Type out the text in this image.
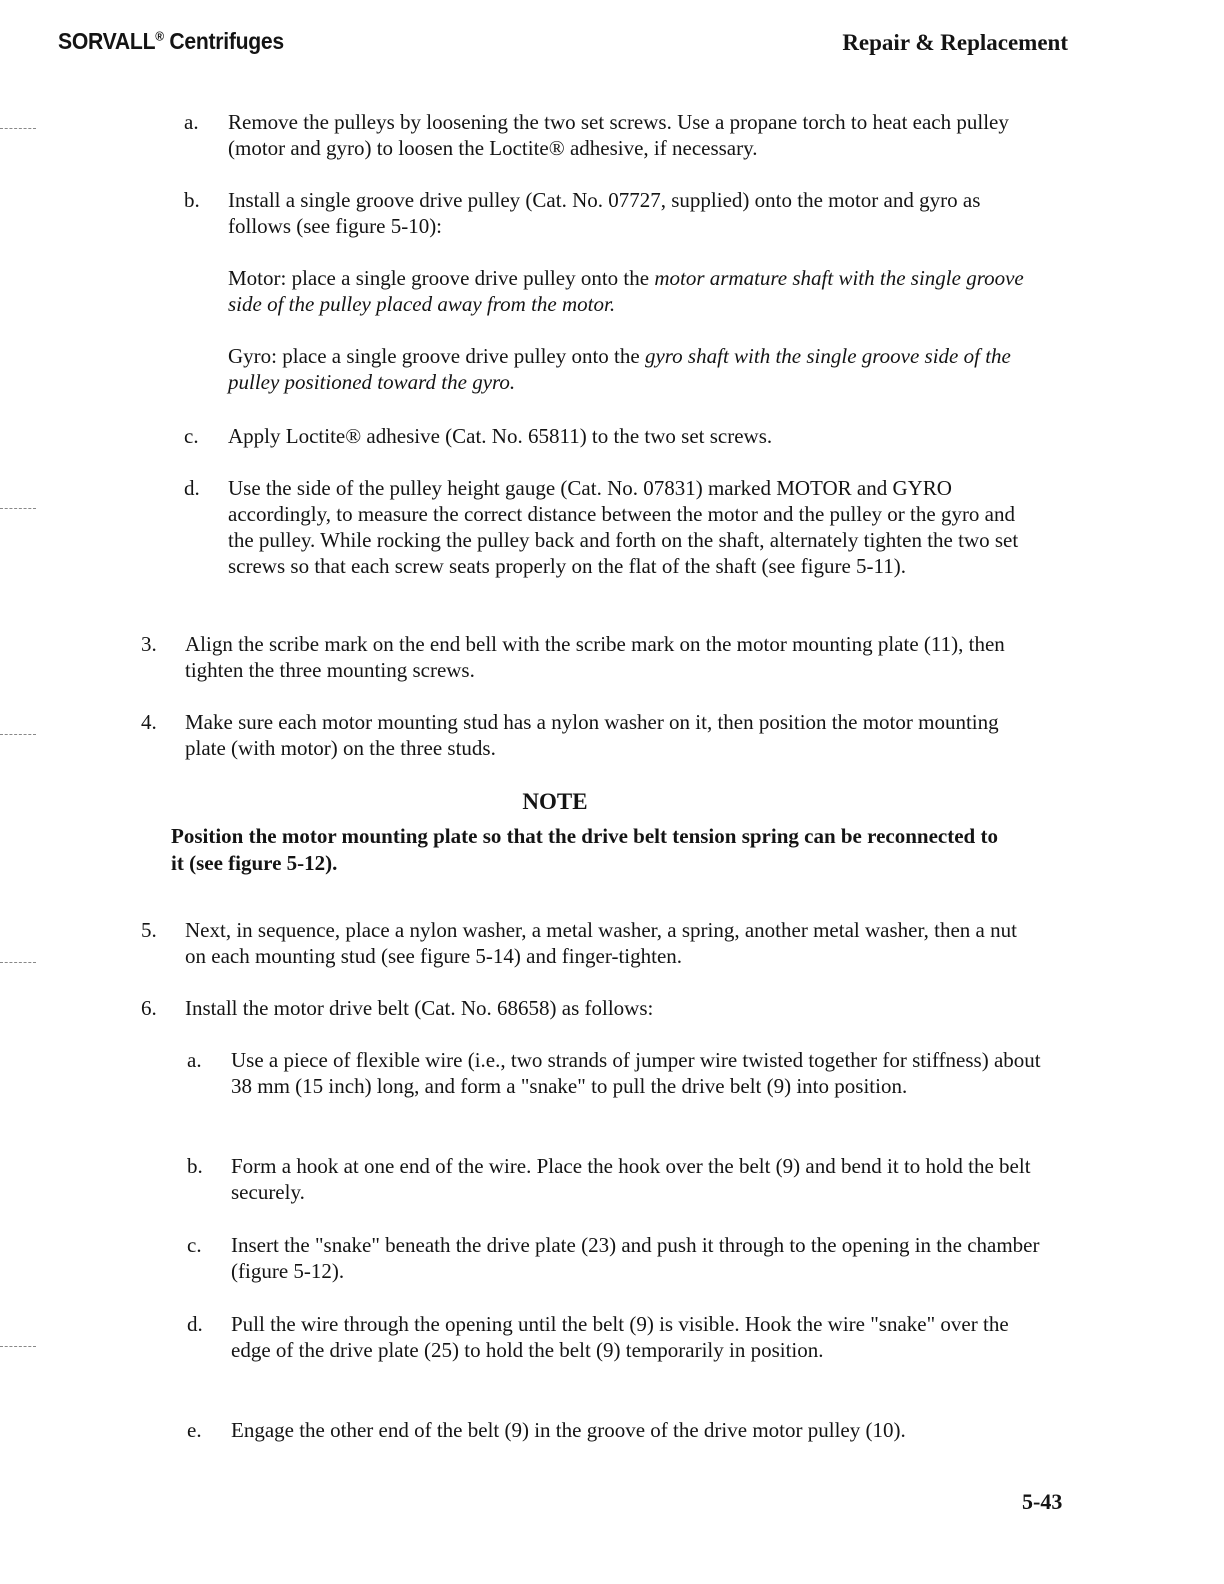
SORVALL® Centrifuges	Repair & Replacement
a. Remove the pulleys by loosening the two set screws. Use a propane torch to heat each pulley (motor and gyro) to loosen the Loctite® adhesive, if necessary.
b. Install a single groove drive pulley (Cat. No. 07727, supplied) onto the motor and gyro as follows (see figure 5-10):
Motor: place a single groove drive pulley onto the motor armature shaft with the single groove side of the pulley placed away from the motor.
Gyro: place a single groove drive pulley onto the gyro shaft with the single groove side of the pulley positioned toward the gyro.
c. Apply Loctite® adhesive (Cat. No. 65811) to the two set screws.
d. Use the side of the pulley height gauge (Cat. No. 07831) marked MOTOR and GYRO accordingly, to measure the correct distance between the motor and the pulley or the gyro and the pulley. While rocking the pulley back and forth on the shaft, alternately tighten the two set screws so that each screw seats properly on the flat of the shaft (see figure 5-11).
3. Align the scribe mark on the end bell with the scribe mark on the motor mounting plate (11), then tighten the three mounting screws.
4. Make sure each motor mounting stud has a nylon washer on it, then position the motor mounting plate (with motor) on the three studs.
NOTE
Position the motor mounting plate so that the drive belt tension spring can be reconnected to it (see figure 5-12).
5. Next, in sequence, place a nylon washer, a metal washer, a spring, another metal washer, then a nut on each mounting stud (see figure 5-14) and finger-tighten.
6. Install the motor drive belt (Cat. No. 68658) as follows:
a. Use a piece of flexible wire (i.e., two strands of jumper wire twisted together for stiffness) about 38 mm (15 inch) long, and form a "snake" to pull the drive belt (9) into position.
b. Form a hook at one end of the wire. Place the hook over the belt (9) and bend it to hold the belt securely.
c. Insert the "snake" beneath the drive plate (23) and push it through to the opening in the chamber (figure 5-12).
d. Pull the wire through the opening until the belt (9) is visible. Hook the wire "snake" over the edge of the drive plate (25) to hold the belt (9) temporarily in position.
e. Engage the other end of the belt (9) in the groove of the drive motor pulley (10).
5-43
